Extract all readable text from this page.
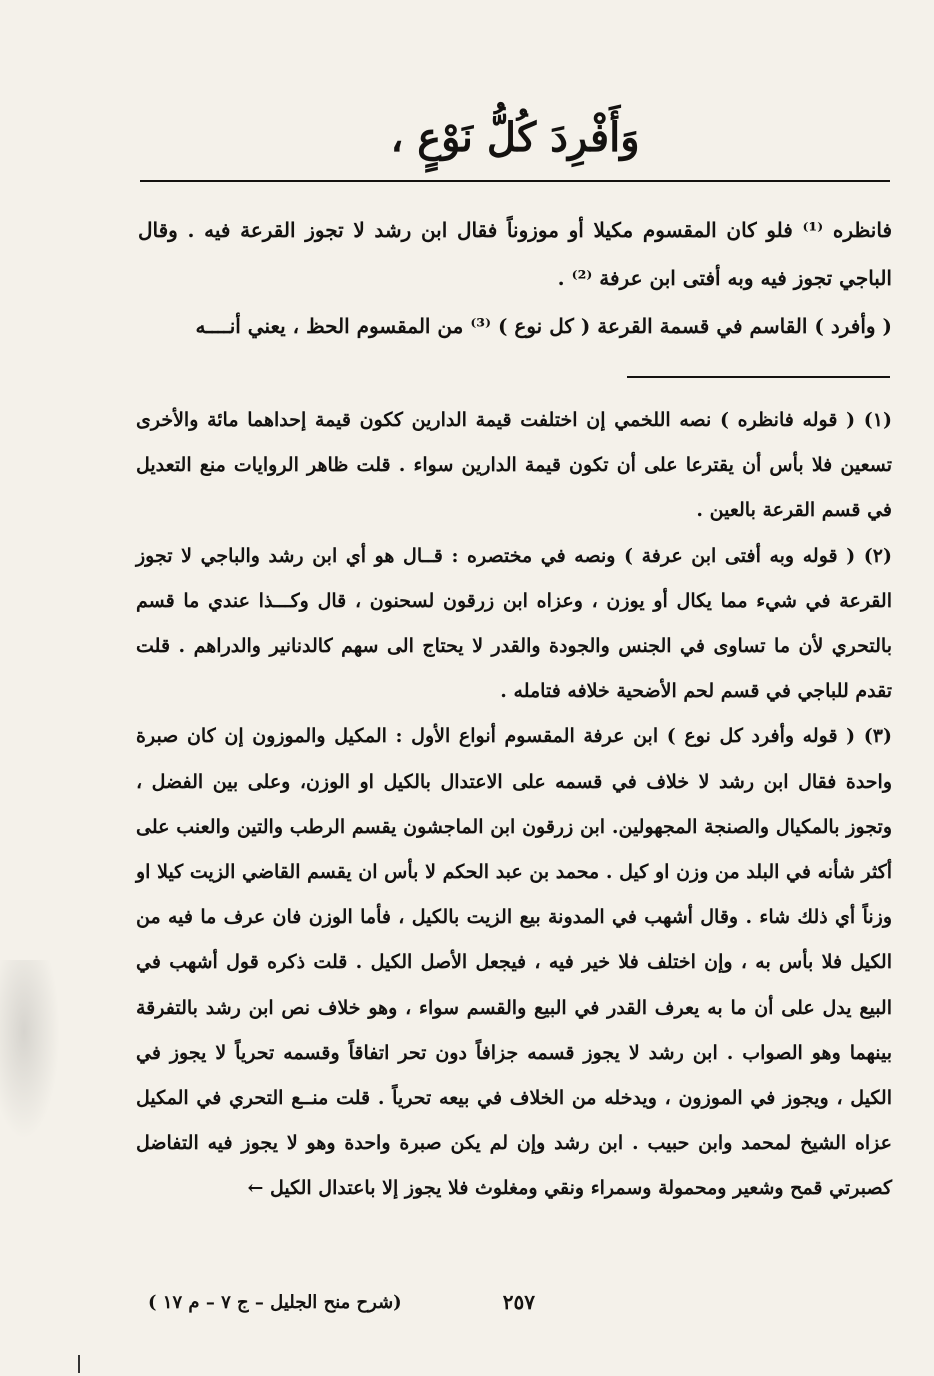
وَأَفْرِدَ كُلُّ نَوْعٍ ،

فانظره ⁽¹⁾ فلو كان المقسوم مكيلا أو موزوناً فقال ابن رشد لا تجوز القرعة فيه . وقال الباجي تجوز فيه وبه أفتى ابن عرفة ⁽²⁾ .

( وأفرد ) القاسم في قسمة القرعة ( كل نوع ) ⁽³⁾ من المقسوم الحظ ، يعني أنــــه

(١) ( قوله فانظره ) نصه اللخمي إن اختلفت قيمة الدارين ككون قيمة إحداهما مائة والأخرى تسعين فلا بأس أن يقترعا على أن تكون قيمة الدارين سواء . قلت ظاهر الروايات منع التعديل في قسم القرعة بالعين .

(٢) ( قوله وبه أفتى ابن عرفة ) ونصه في مختصره : قــال هو أي ابن رشد والباجي لا تجوز القرعة في شيء مما يكال أو يوزن ، وعزاه ابن زرقون لسحنون ، قال وكـــذا عندي ما قسم بالتحري لأن ما تساوى في الجنس والجودة والقدر لا يحتاج الى سهم كالدنانير والدراهم . قلت تقدم للباجي في قسم لحم الأضحية خلافه فتامله .

(٣) ( قوله وأفرد كل نوع ) ابن عرفة المقسوم أنواع الأول : المكيل والموزون إن كان صبرة واحدة فقال ابن رشد لا خلاف في قسمه على الاعتدال بالكيل او الوزن، وعلى بين الفضل ، وتجوز بالمكيال والصنجة المجهولين. ابن زرقون ابن الماجشون يقسم الرطب والتين والعنب على أكثر شأنه في البلد من وزن او كيل . محمد بن عبد الحكم لا بأس ان يقسم القاضي الزيت كيلا او وزناً أي ذلك شاء . وقال أشهب في المدونة بيع الزيت بالكيل ، فأما الوزن فان عرف ما فيه من الكيل فلا بأس به ، وإن اختلف فلا خير فيه ، فيجعل الأصل الكيل . قلت ذكره قول أشهب في البيع يدل على أن ما به يعرف القدر في البيع والقسم سواء ، وهو خلاف نص ابن رشد بالتفرقة بينهما وهو الصواب . ابن رشد لا يجوز قسمه جزافاً دون تحر اتفاقاً وقسمه تحرياً لا يجوز في الكيل ، ويجوز في الموزون ، ويدخله من الخلاف في بيعه تحرياً . قلت منــع التحري في المكيل عزاه الشيخ لمحمد وابن حبيب . ابن رشد وإن لم يكن صبرة واحدة وهو لا يجوز فيه التفاضل كصبرتي قمح وشعير ومحمولة وسمراء ونقي ومغلوث فلا يجوز إلا باعتدال الكيل ←

٢٥٧
(شرح منح الجليل – ج ٧ – م ١٧ )
